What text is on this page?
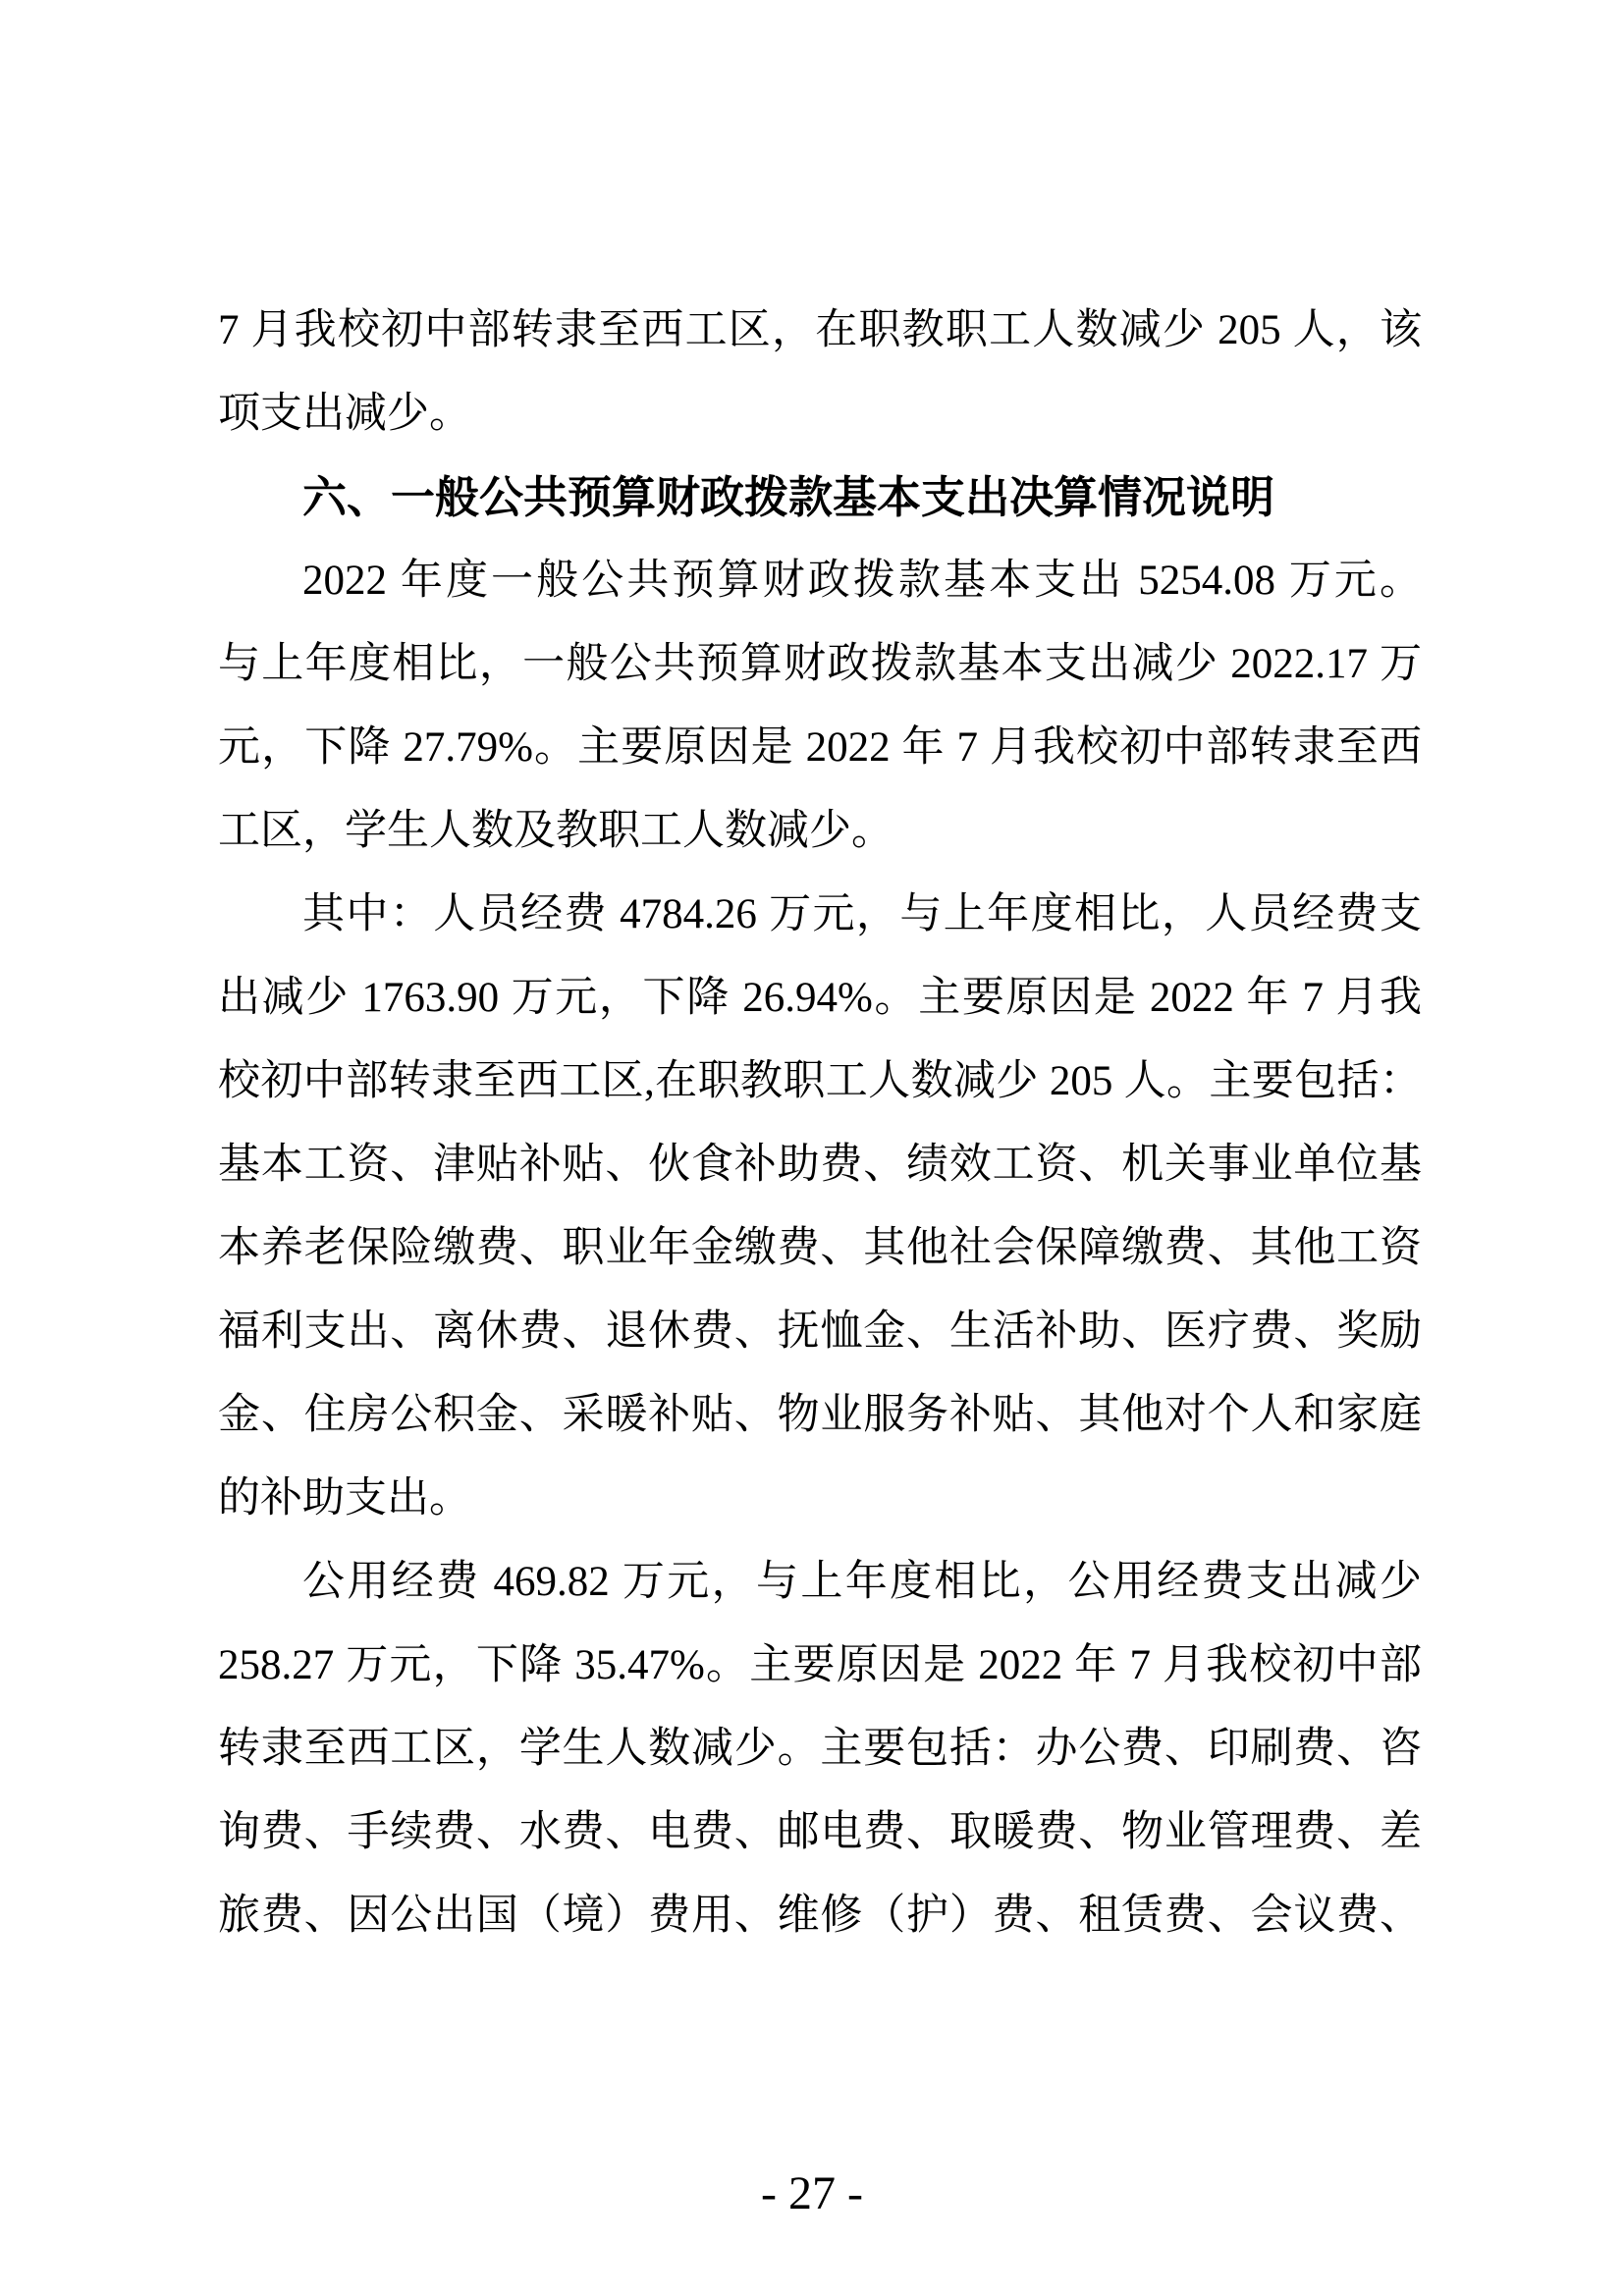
7 月我校初中部转隶至西工区，在职教职工人数减少 205 人，该
项支出减少。
六、一般公共预算财政拨款基本支出决算情况说明
2022 年度一般公共预算财政拨款基本支出 5254.08 万元。
与上年度相比，一般公共预算财政拨款基本支出减少 2022.17 万
元，下降 27.79%。主要原因是 2022 年 7 月我校初中部转隶至西
工区，学生人数及教职工人数减少。
其中：人员经费 4784.26 万元，与上年度相比，人员经费支
出减少 1763.90 万元，下降 26.94%。主要原因是 2022 年 7 月我
校初中部转隶至西工区,在职教职工人数减少 205 人。主要包括：
基本工资、津贴补贴、伙食补助费、绩效工资、机关事业单位基
本养老保险缴费、职业年金缴费、其他社会保障缴费、其他工资
福利支出、离休费、退休费、抚恤金、生活补助、医疗费、奖励
金、住房公积金、采暖补贴、物业服务补贴、其他对个人和家庭
的补助支出。
公用经费 469.82 万元，与上年度相比，公用经费支出减少
258.27 万元，下降 35.47%。主要原因是 2022 年 7 月我校初中部
转隶至西工区，学生人数减少。主要包括：办公费、印刷费、咨
询费、手续费、水费、电费、邮电费、取暖费、物业管理费、差
旅费、因公出国（境）费用、维修（护）费、租赁费、会议费、
- 27 -
